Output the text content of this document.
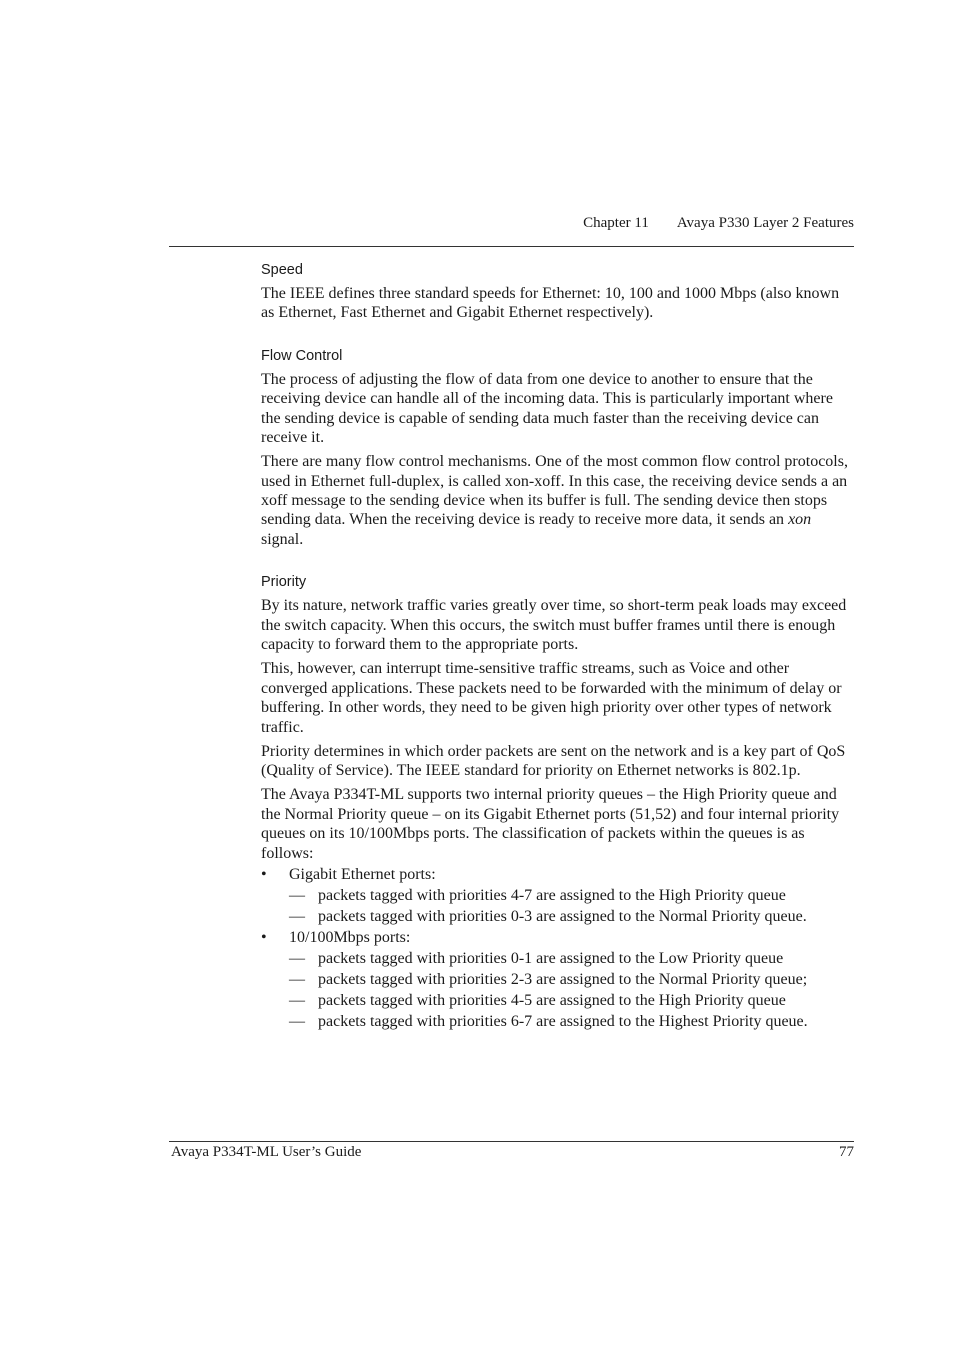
Chapter 11 Avaya P330 Layer 2 Features
Speed

The IEEE defines three standard speeds for Ethernet: 10, 100 and 1000 Mbps (also known as Ethernet, Fast Ethernet and Gigabit Ethernet respectively).

Flow Control

The process of adjusting the flow of data from one device to another to ensure that the receiving device can handle all of the incoming data. This is particularly important where the sending device is capable of sending data much faster than the receiving device can receive it.

There are many flow control mechanisms. One of the most common flow control protocols, used in Ethernet full-duplex, is called xon-xoff. In this case, the receiving device sends a an xoff message to the sending device when its buffer is full. The sending device then stops sending data. When the receiving device is ready to receive more data, it sends an xon signal.

Priority

By its nature, network traffic varies greatly over time, so short-term peak loads may exceed the switch capacity. When this occurs, the switch must buffer frames until there is enough capacity to forward them to the appropriate ports.

This, however, can interrupt time-sensitive traffic streams, such as Voice and other converged applications. These packets need to be forwarded with the minimum of delay or buffering. In other words, they need to be given high priority over other types of network traffic.

Priority determines in which order packets are sent on the network and is a key part of QoS (Quality of Service). The IEEE standard for priority on Ethernet networks is 802.1p.

The Avaya P334T-ML supports two internal priority queues – the High Priority queue and the Normal Priority queue – on its Gigabit Ethernet ports (51,52) and four internal priority queues on its 10/100Mbps ports. The classification of packets within the queues is as follows:

• Gigabit Ethernet ports:
— packets tagged with priorities 4-7 are assigned to the High Priority queue
— packets tagged with priorities 0-3 are assigned to the Normal Priority queue.
• 10/100Mbps ports:
— packets tagged with priorities 0-1 are assigned to the Low Priority queue
— packets tagged with priorities 2-3 are assigned to the Normal Priority queue;
— packets tagged with priorities 4-5 are assigned to the High Priority queue
— packets tagged with priorities 6-7 are assigned to the Highest Priority queue.
Avaya P334T-ML User’s Guide	77
